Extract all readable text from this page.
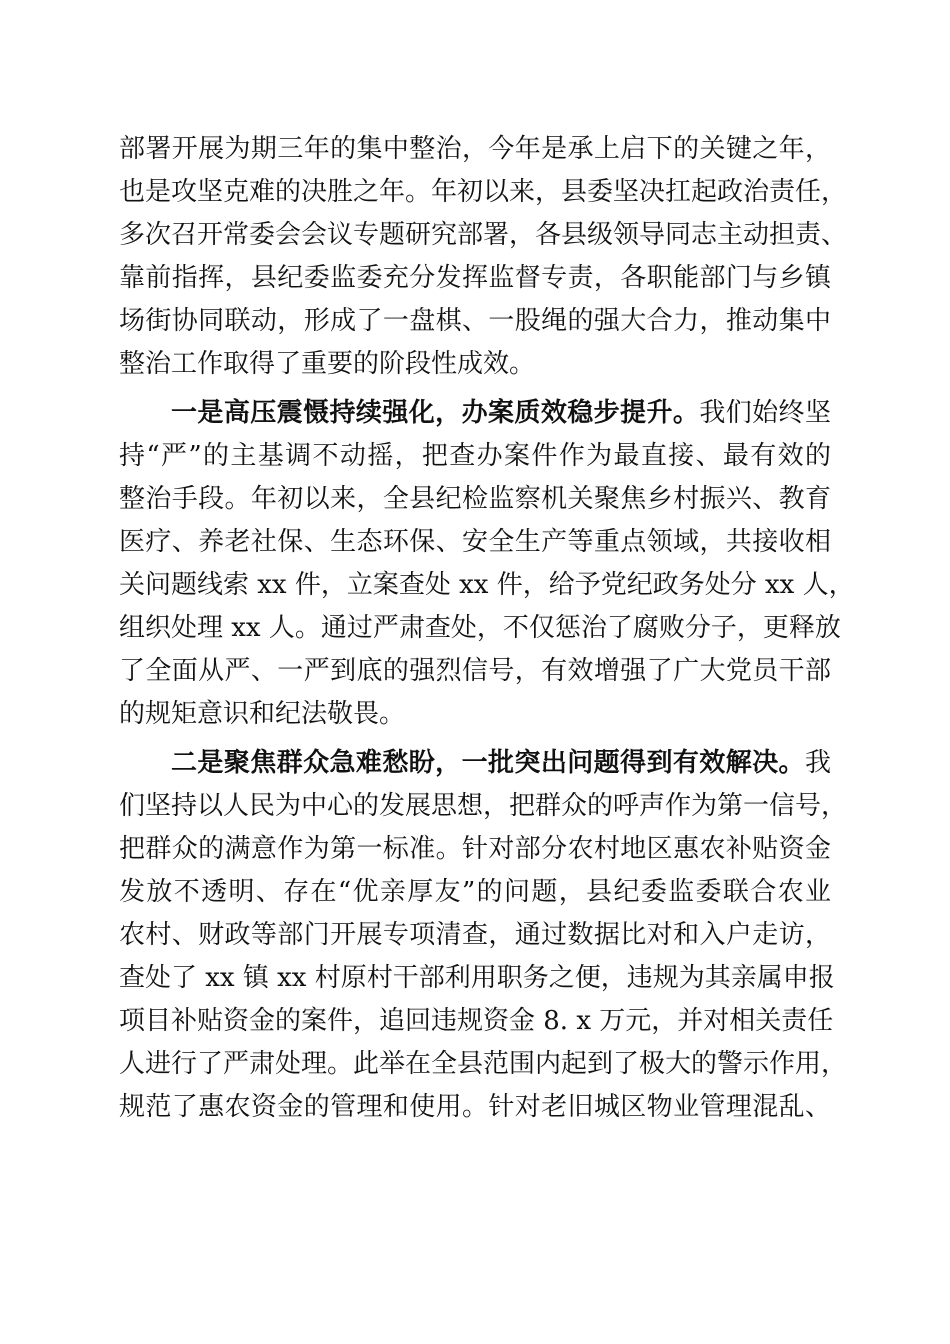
部署开展为期三年的集中整治，今年是承上启下的关键之年，
也是攻坚克难的决胜之年。年初以来，县委坚决扛起政治责任，
多次召开常委会会议专题研究部署，各县级领导同志主动担责、
靠前指挥，县纪委监委充分发挥监督专责，各职能部门与乡镇
场街协同联动，形成了一盘棋、一股绳的强大合力，推动集中
整治工作取得了重要的阶段性成效。
一是高压震慑持续强化，办案质效稳步提升。我们始终坚
持“严”的主基调不动摇，把查办案件作为最直接、最有效的
整治手段。年初以来，全县纪检监察机关聚焦乡村振兴、教育
医疗、养老社保、生态环保、安全生产等重点领域，共接收相
关问题线索 xx 件，立案查处 xx 件，给予党纪政务处分 xx 人，
组织处理 xx 人。通过严肃查处，不仅惩治了腐败分子，更释放
了全面从严、一严到底的强烈信号，有效增强了广大党员干部
的规矩意识和纪法敬畏。
二是聚焦群众急难愁盼，一批突出问题得到有效解决。我
们坚持以人民为中心的发展思想，把群众的呼声作为第一信号，
把群众的满意作为第一标准。针对部分农村地区惠农补贴资金
发放不透明、存在“优亲厚友”的问题，县纪委监委联合农业
农村、财政等部门开展专项清查，通过数据比对和入户走访，
查处了 xx 镇 xx 村原村干部利用职务之便，违规为其亲属申报
项目补贴资金的案件，追回违规资金 8. x 万元，并对相关责任
人进行了严肃处理。此举在全县范围内起到了极大的警示作用，
规范了惠农资金的管理和使用。针对老旧城区物业管理混乱、
